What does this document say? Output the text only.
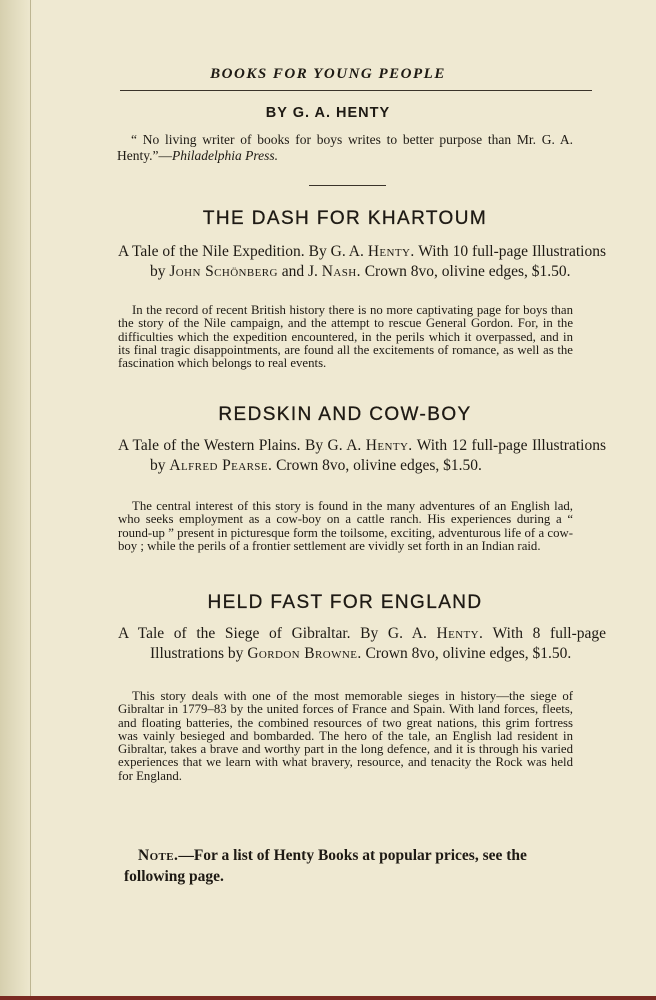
BOOKS FOR YOUNG PEOPLE
BY G. A. HENTY
“ No living writer of books for boys writes to better purpose than Mr. G. A. Henty.”—Philadelphia Press.
THE DASH FOR KHARTOUM
A Tale of the Nile Expedition. By G. A. Henty. With 10 full-page Illustrations by John Schönberg and J. Nash. Crown 8vo, olivine edges, $1.50.
In the record of recent British history there is no more captivating page for boys than the story of the Nile campaign, and the attempt to rescue General Gordon. For, in the difficulties which the expedition encountered, in the perils which it overpassed, and in its final tragic disappointments, are found all the excitements of romance, as well as the fascination which belongs to real events.
REDSKIN AND COW-BOY
A Tale of the Western Plains. By G. A. Henty. With 12 full-page Illustrations by Alfred Pearse. Crown 8vo, olivine edges, $1.50.
The central interest of this story is found in the many adventures of an English lad, who seeks employment as a cow-boy on a cattle ranch. His experiences during a “ round-up ” present in picturesque form the toilsome, exciting, adventurous life of a cow-boy ; while the perils of a frontier settlement are vividly set forth in an Indian raid.
HELD FAST FOR ENGLAND
A Tale of the Siege of Gibraltar. By G. A. Henty. With 8 full-page Illustrations by Gordon Browne. Crown 8vo, olivine edges, $1.50.
This story deals with one of the most memorable sieges in history—the siege of Gibraltar in 1779–83 by the united forces of France and Spain. With land forces, fleets, and floating batteries, the combined resources of two great nations, this grim fortress was vainly besieged and bombarded. The hero of the tale, an English lad resident in Gibraltar, takes a brave and worthy part in the long defence, and it is through his varied experiences that we learn with what bravery, resource, and tenacity the Rock was held for England.
Note.—For a list of Henty Books at popular prices, see the following page.
